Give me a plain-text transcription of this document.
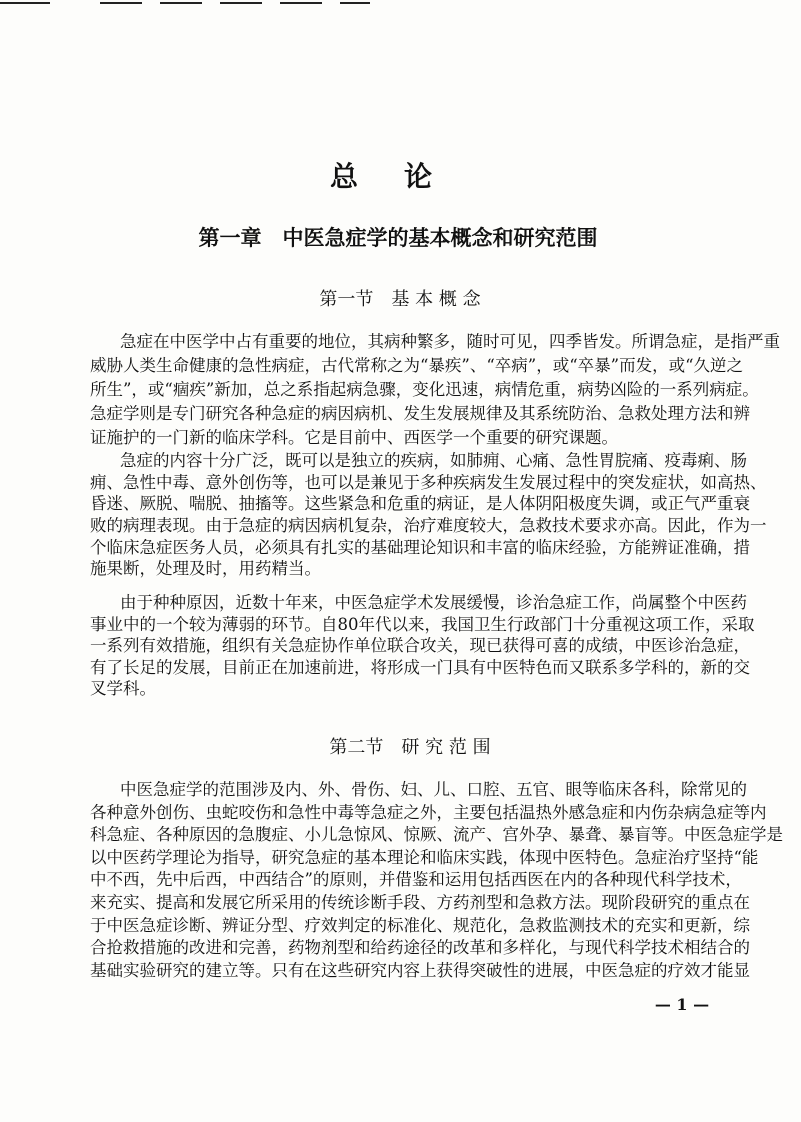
总论
第一章　中医急症学的基本概念和研究范围
第一节　基 本 概 念
第二节　研 究 范 围
急症在中医学中占有重要的地位，其病种繁多，随时可见，四季皆发。所谓急症，是指严重
威胁人类生命健康的急性病症，古代常称之为“暴疾”、“卒病”，或“卒暴”而发，或“久逆之
所生”，或“痼疾”新加，总之系指起病急骤，变化迅速，病情危重，病势凶险的一系列病症。
急症学则是专门研究各种急症的病因病机、发生发展规律及其系统防治、急救处理方法和辨
证施护的一门新的临床学科。它是目前中、西医学一个重要的研究课题。
急症的内容十分广泛，既可以是独立的疾病，如肺痈、心痛、急性胃脘痛、疫毒痢、肠
痈、急性中毒、意外创伤等，也可以是兼见于多种疾病发生发展过程中的突发症状，如高热、
昏迷、厥脱、喘脱、抽搐等。这些紧急和危重的病证，是人体阴阳极度失调，或正气严重衰
败的病理表现。由于急症的病因病机复杂，治疗难度较大，急救技术要求亦高。因此，作为一
个临床急症医务人员，必须具有扎实的基础理论知识和丰富的临床经验，方能辨证准确，措
施果断，处理及时，用药精当。
由于种种原因，近数十年来，中医急症学术发展缓慢，诊治急症工作，尚属整个中医药
事业中的一个较为薄弱的环节。自80年代以来，我国卫生行政部门十分重视这项工作，采取
一系列有效措施，组织有关急症协作单位联合攻关，现已获得可喜的成绩，中医诊治急症，
有了长足的发展，目前正在加速前进，将形成一门具有中医特色而又联系多学科的，新的交
叉学科。
中医急症学的范围涉及内、外、骨伤、妇、儿、口腔、五官、眼等临床各科，除常见的
各种意外创伤、虫蛇咬伤和急性中毒等急症之外，主要包括温热外感急症和内伤杂病急症等内
科急症、各种原因的急腹症、小儿急惊风、惊厥、流产、宫外孕、暴聋、暴盲等。中医急症学是
以中医药学理论为指导，研究急症的基本理论和临床实践，体现中医特色。急症治疗坚持“能
中不西，先中后西，中西结合”的原则，并借鉴和运用包括西医在内的各种现代科学技术，
来充实、提高和发展它所采用的传统诊断手段、方药剂型和急救方法。现阶段研究的重点在
于中医急症诊断、辨证分型、疗效判定的标准化、规范化，急救监测技术的充实和更新，综
合抢救措施的改进和完善，药物剂型和给药途径的改革和多样化，与现代科学技术相结合的
基础实验研究的建立等。只有在这些研究内容上获得突破性的进展，中医急症的疗效才能显
— 1 —
